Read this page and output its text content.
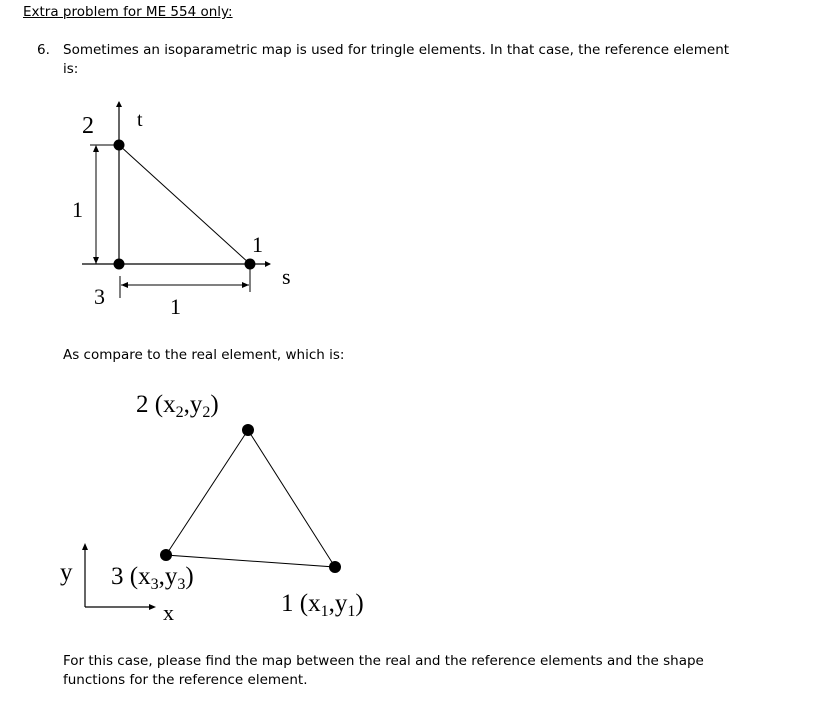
Extra problem for ME 554 only:
6. Sometimes an isoparametric map is used for tringle elements. In that case, the reference element
is:
As compare to the real element, which is:
For this case, please find the map between the real and the reference elements and the shape
functions for the reference element.
2 t
1
1
s
3	1
2 $(x_2,y_2)$
3 $(x_3,y_3)$
1 $(x_1,y_1)$
y
x
